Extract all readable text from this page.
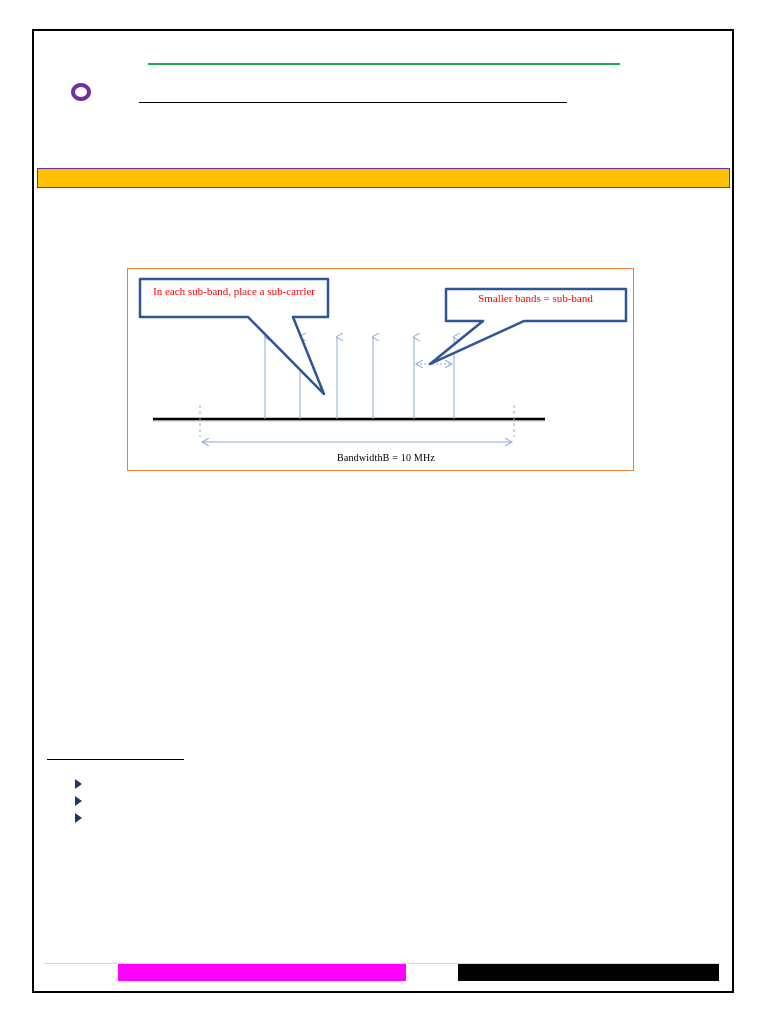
In each sub-band, place a sub-carrier
Smaller bands = sub-band
BandwidthB = 10 MHz
